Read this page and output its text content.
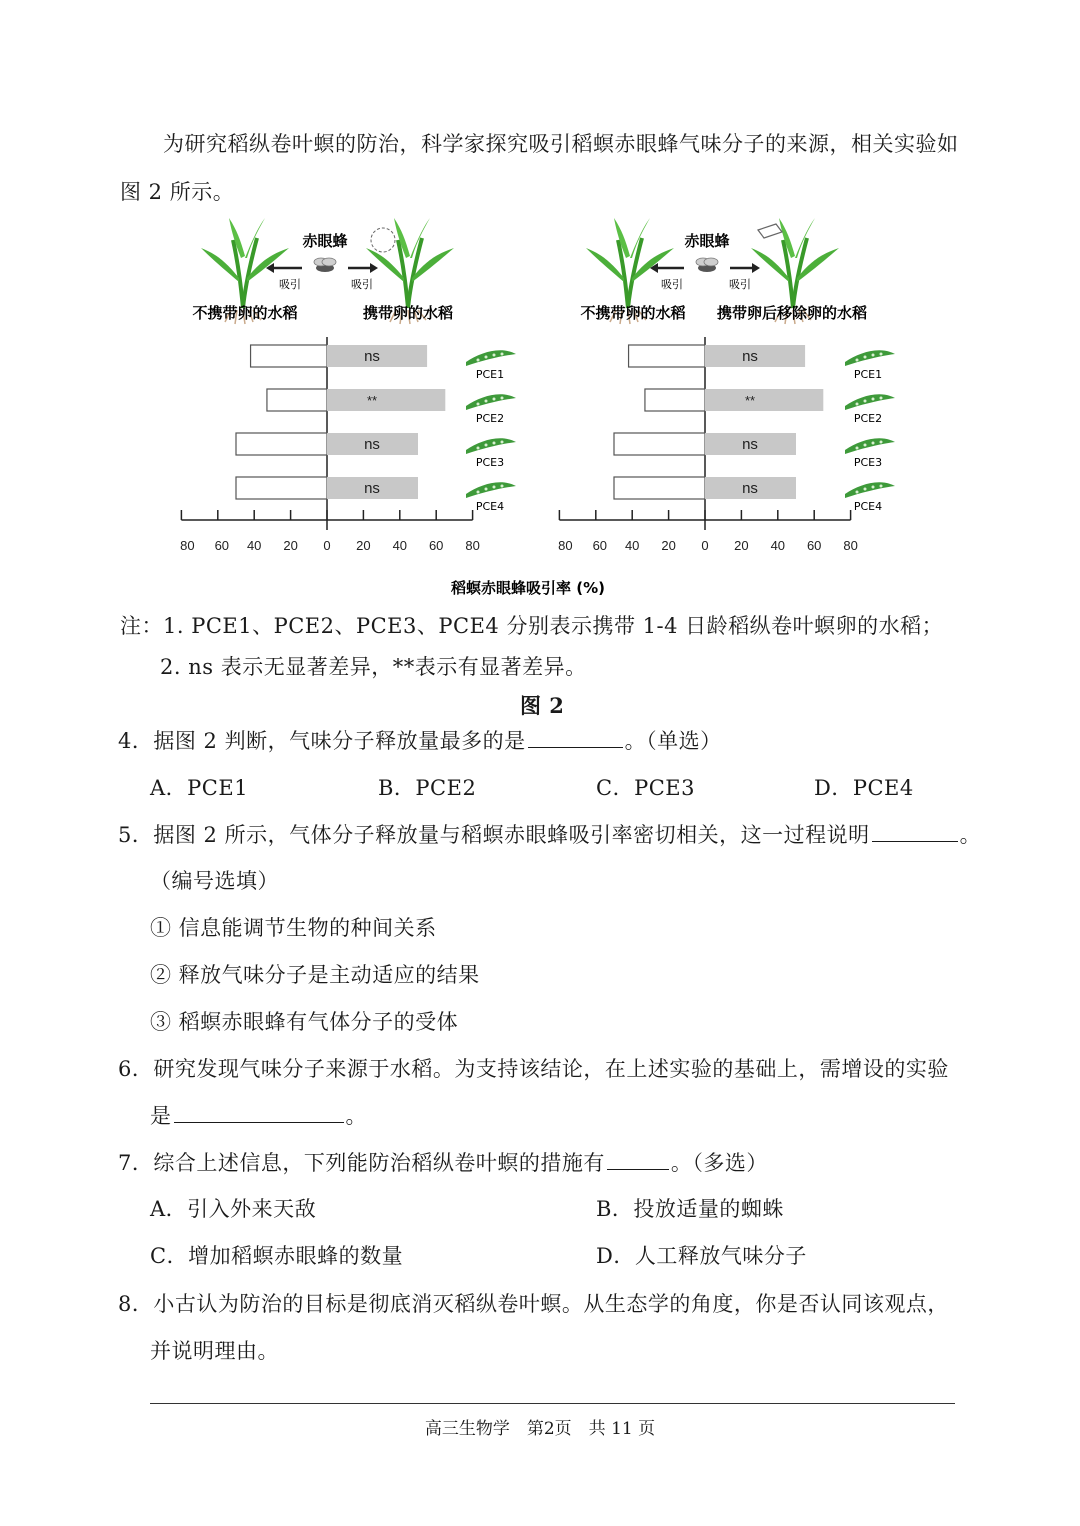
为研究稻纵卷叶螟的防治，科学家探究吸引稻螟赤眼蜂气味分子的来源，相关实验如
图 2 所示。
赤眼蜂
吸引	吸引
不携带卵的水稻	携带卵的水稻
赤眼蜂
吸引	吸引
不携带卵的水稻 携带卵后移除卵的水稻
ns
**
ns
ns
80 60 40 20 0 20 40 60 80
ns
**
ns
ns
80 60 40 20 0 20 40 60 80
PCE1
PCE2
PCE3
PCE4
PCE1
PCE2
PCE3
PCE4
稻螟赤眼蜂吸引率 (%)
注：1. PCE1、PCE2、PCE3、PCE4 分别表示携带 1-4 日龄稻纵卷叶螟卵的水稻；
2. ns 表示无显著差异，**表示有显著差异。
图 2
4．据图 2 判断，气味分子释放量最多的是	。（单选）
A．PCE1	B．PCE2	C．PCE3	D．PCE4
5．据图 2 所示，气体分子释放量与稻螟赤眼蜂吸引率密切相关，这一过程说明	。
（编号选填）
① 信息能调节生物的种间关系
② 释放气味分子是主动适应的结果
③ 稻螟赤眼蜂有气体分子的受体
6．研究发现气味分子来源于水稻。为支持该结论，在上述实验的基础上，需增设的实验
是	。
7．综合上述信息，下列能防治稻纵卷叶螟的措施有	。（多选）
A．引入外来天敌	B．投放适量的蜘蛛
C．增加稻螟赤眼蜂的数量	D．人工释放气味分子
8．小古认为防治的目标是彻底消灭稻纵卷叶螟。从生态学的角度，你是否认同该观点，
并说明理由。
高三生物学　第2页　共 11 页
